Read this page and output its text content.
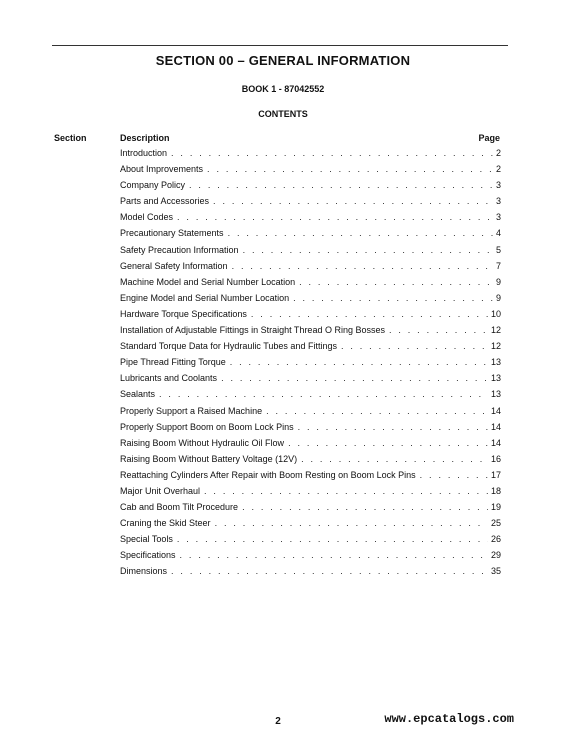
SECTION 00 – GENERAL INFORMATION
BOOK 1 - 87042552
CONTENTS
Section	Description	Page
Introduction . . .	2
About Improvements . . .	2
Company Policy . . .	3
Parts and Accessories . . .	3
Model Codes . . .	3
Precautionary Statements . . .	4
Safety Precaution Information . . .	5
General Safety Information . . .	7
Machine Model and Serial Number Location . . .	9
Engine Model and Serial Number Location . . .	9
Hardware Torque Specifications . . .	10
Installation of Adjustable Fittings in Straight Thread O Ring Bosses . . .	12
Standard Torque Data for Hydraulic Tubes and Fittings . . .	12
Pipe Thread Fitting Torque . . .	13
Lubricants and Coolants . . .	13
Sealants . . .	13
Properly Support a Raised Machine . . .	14
Properly Support Boom on Boom Lock Pins . . .	14
Raising Boom Without Hydraulic Oil Flow . . .	14
Raising Boom Without Battery Voltage (12V) . . .	16
Reattaching Cylinders After Repair with Boom Resting on Boom Lock Pins . . .	17
Major Unit Overhaul . . .	18
Cab and Boom Tilt Procedure . . .	19
Craning the Skid Steer . . .	25
Special Tools . . .	26
Specifications . . .	29
Dimensions . . .	35
2	www.epcatalogs.com
